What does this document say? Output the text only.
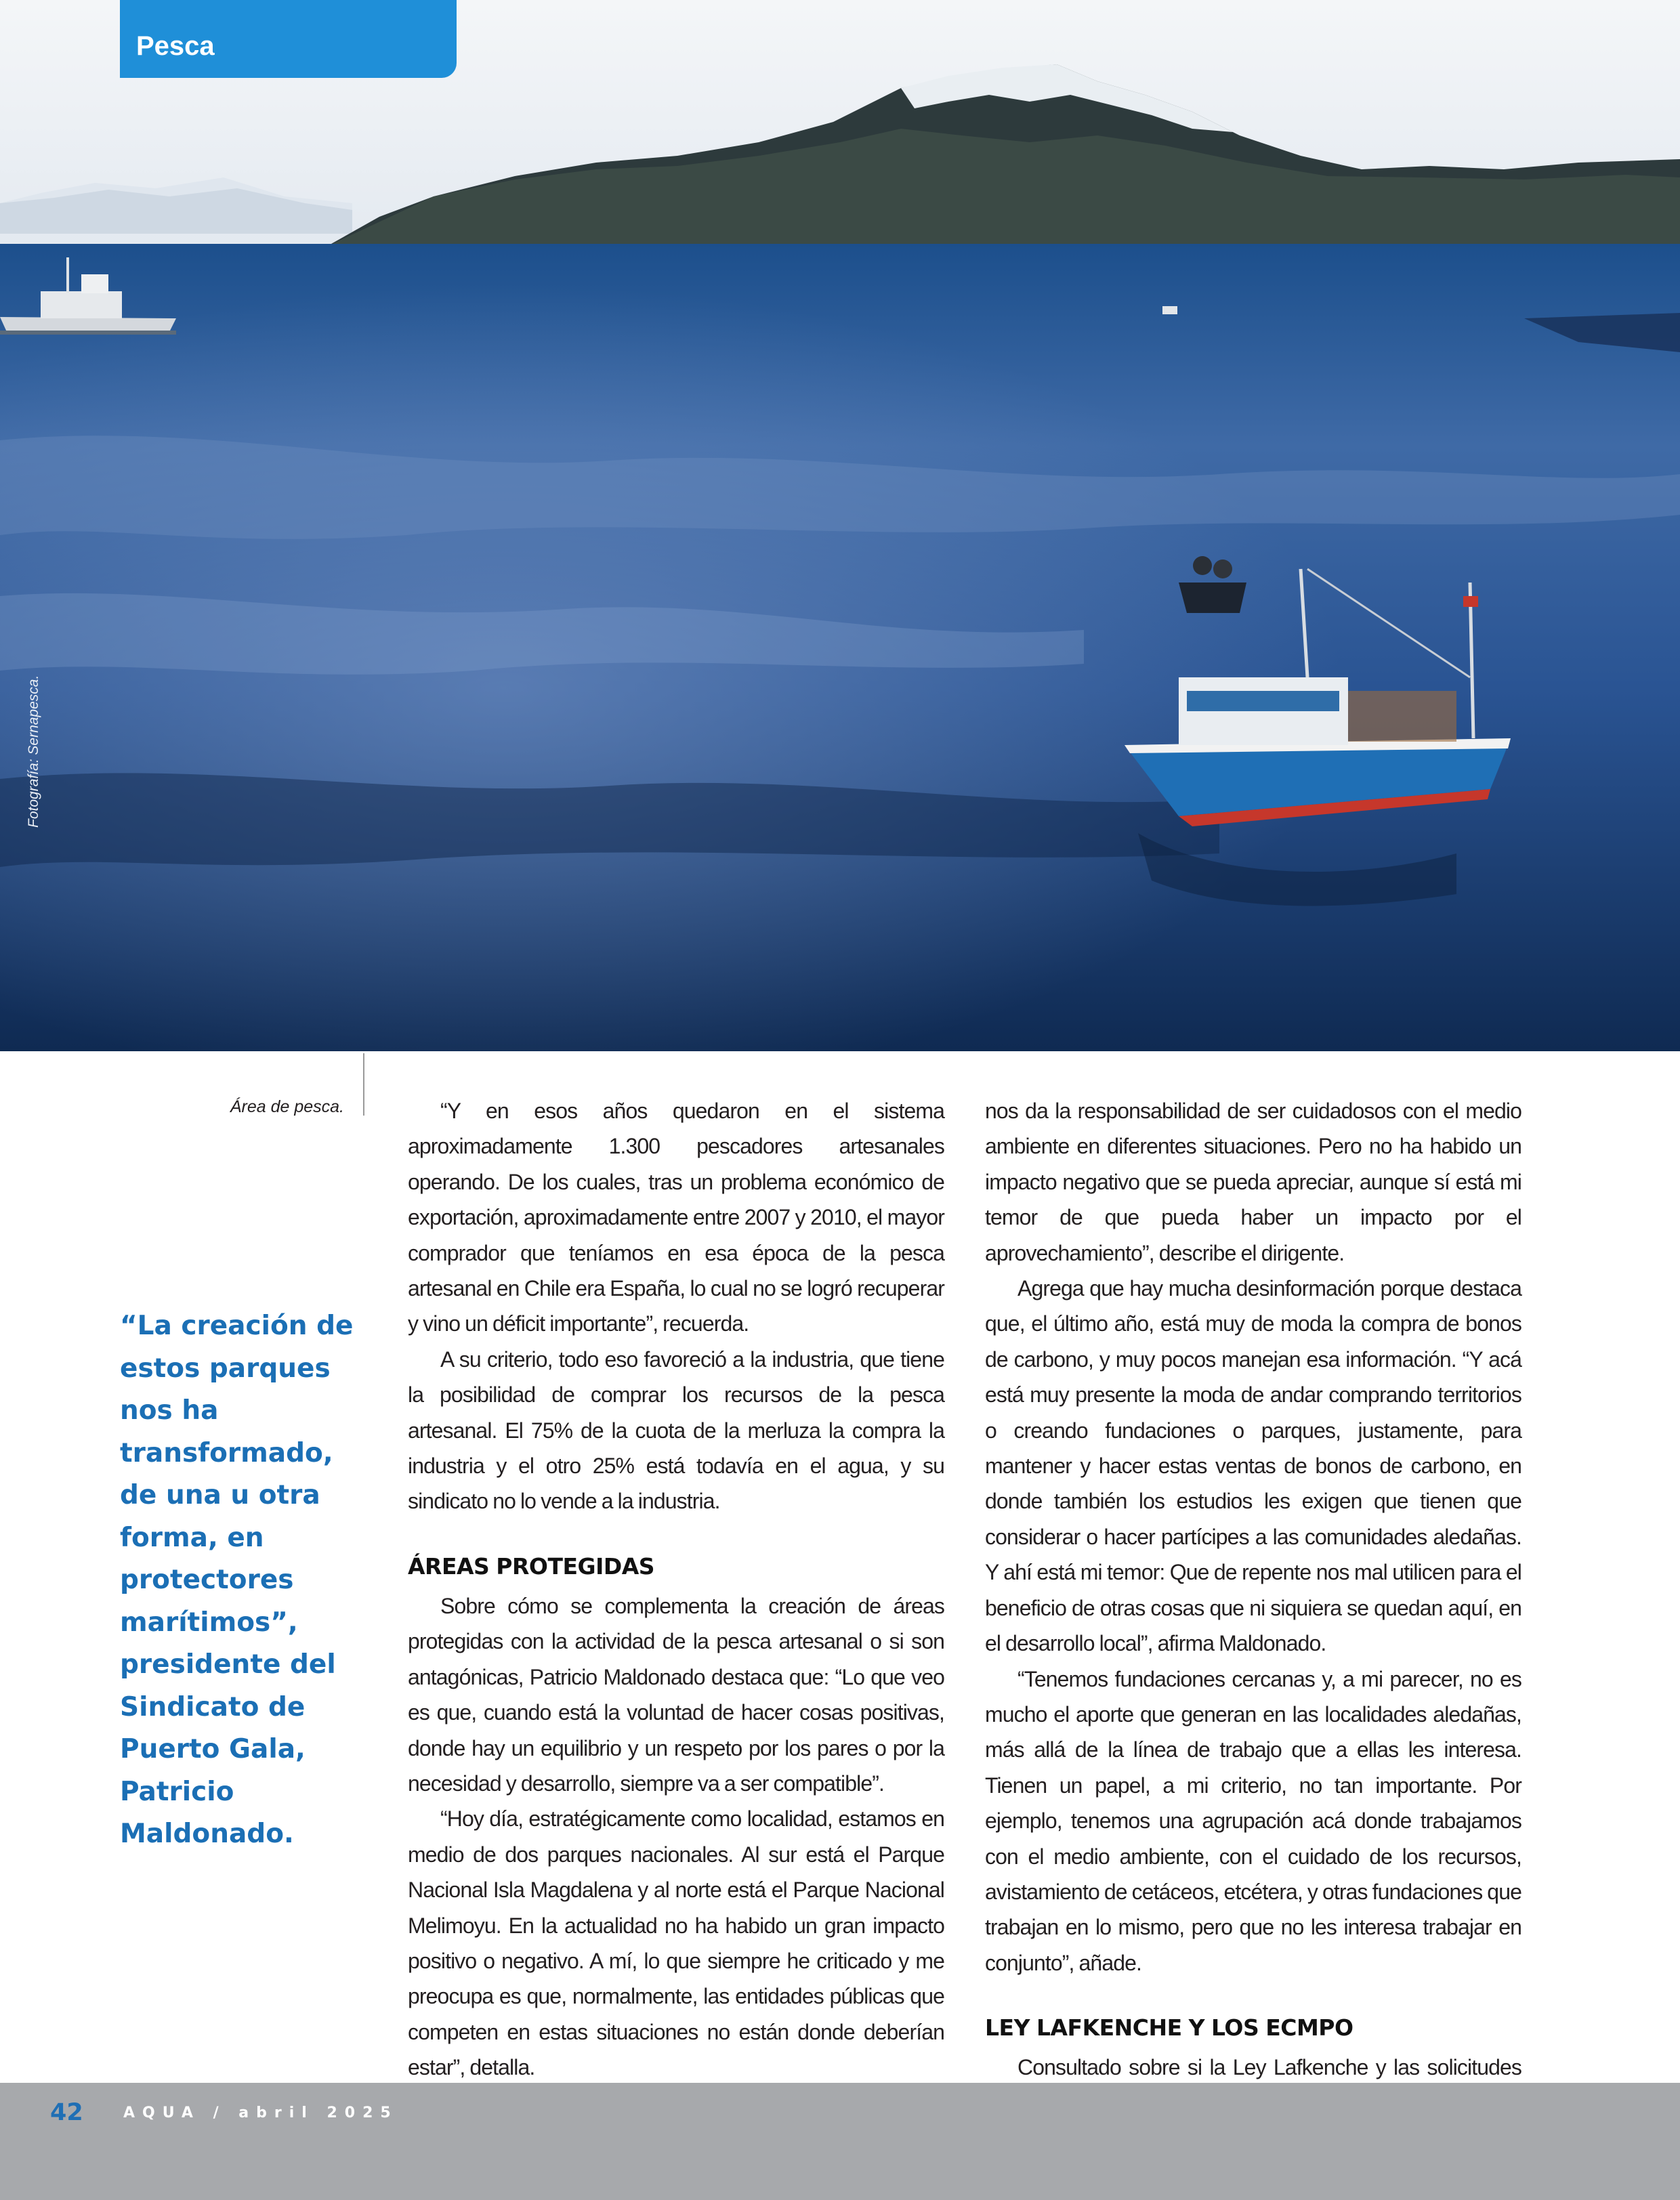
Pesca
Fotografía: Sernapesca.
Área de pesca.
“La creación de estos parques nos ha transformado, de una u otra forma, en protectores marítimos”, presidente del Sindicato de Puerto Gala, Patricio Maldonado.

“Y en esos años quedaron en el sistema aproximadamente 1.300 pescadores artesanales operando. De los cuales, tras un problema económico de exportación, aproximadamente entre 2007 y 2010, el mayor comprador que teníamos en esa época de la pesca artesanal en Chile era España, lo cual no se logró recuperar y vino un déficit importante”, recuerda.

A su criterio, todo eso favoreció a la industria, que tiene la posibilidad de comprar los recursos de la pesca artesanal. El 75% de la cuota de la merluza la compra la industria y el otro 25% está todavía en el agua, y su sindicato no lo vende a la industria.

ÁREAS PROTEGIDAS

Sobre cómo se complementa la creación de áreas protegidas con la actividad de la pesca artesanal o si son antagónicas, Patricio Maldonado destaca que: “Lo que veo es que, cuando está la voluntad de hacer cosas positivas, donde hay un equilibrio y un respeto por los pares o por la necesidad y desarrollo, siempre va a ser compatible”.

“Hoy día, estratégicamente como localidad, estamos en medio de dos parques nacionales. Al sur está el Parque Nacional Isla Magdalena y al norte está el Parque Nacional Melimoyu. En la actualidad no ha habido un gran impacto positivo o negativo. A mí, lo que siempre he criticado y me preocupa es que, normalmente, las entidades públicas que competen en estas situaciones no están donde deberían estar”, detalla.

nos da la responsabilidad de ser cuidadosos con el medio ambiente en diferentes situaciones. Pero no ha habido un impacto negativo que se pueda apreciar, aunque sí está mi temor de que pueda haber un impacto por el aprovechamiento”, describe el dirigente.

Agrega que hay mucha desinformación porque destaca que, el último año, está muy de moda la compra de bonos de carbono, y muy pocos manejan esa información. “Y acá está muy presente la moda de andar comprando territorios o creando fundaciones o parques, justamente, para mantener y hacer estas ventas de bonos de carbono, en donde también los estudios les exigen que tienen que considerar o hacer partícipes a las comunidades aledañas. Y ahí está mi temor: Que de repente nos mal utilicen para el beneficio de otras cosas que ni siquiera se quedan aquí, en el desarrollo local”, afirma Maldonado.

“Tenemos fundaciones cercanas y, a mi parecer, no es mucho el aporte que generan en las localidades aledañas, más allá de la línea de trabajo que a ellas les interesa. Tienen un papel, a mi criterio, no tan importante. Por ejemplo, tenemos una agrupación acá donde trabajamos con el medio ambiente, con el cuidado de los recursos, avistamiento de cetáceos, etcétera, y otras fundaciones que trabajan en lo mismo, pero que no les interesa trabajar en conjunto”, añade.

LEY LAFKENCHE Y LOS ECMPO

Consultado sobre si la Ley Lafkenche y las solicitudes

42	AQUA / abril 2025
